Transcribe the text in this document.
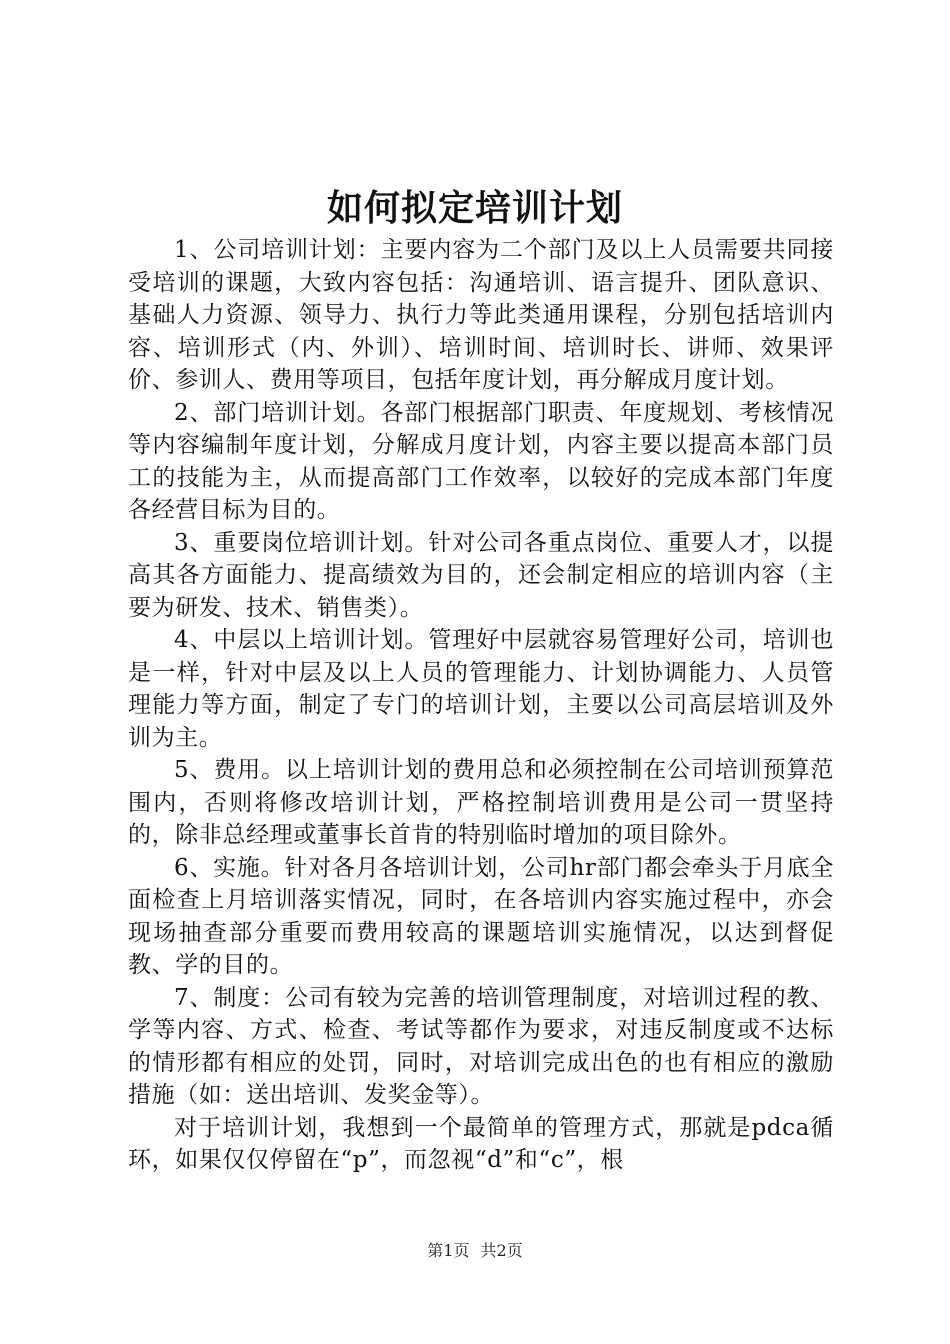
如何拟定培训计划

1、公司培训计划：主要内容为二个部门及以上人员需要共同接受培训的课题，大致内容包括：沟通培训、语言提升、团队意识、基础人力资源、领导力、执行力等此类通用课程，分别包括培训内容、培训形式（内、外训）、培训时间、培训时长、讲师、效果评价、参训人、费用等项目，包括年度计划，再分解成月度计划。

2、部门培训计划。各部门根据部门职责、年度规划、考核情况等内容编制年度计划，分解成月度计划，内容主要以提高本部门员工的技能为主，从而提高部门工作效率，以较好的完成本部门年度各经营目标为目的。

3、重要岗位培训计划。针对公司各重点岗位、重要人才，以提高其各方面能力、提高绩效为目的，还会制定相应的培训内容（主要为研发、技术、销售类）。

4、中层以上培训计划。管理好中层就容易管理好公司，培训也是一样，针对中层及以上人员的管理能力、计划协调能力、人员管理能力等方面，制定了专门的培训计划，主要以公司高层培训及外训为主。

5、费用。以上培训计划的费用总和必须控制在公司培训预算范围内，否则将修改培训计划，严格控制培训费用是公司一贯坚持的，除非总经理或董事长首肯的特别临时增加的项目除外。

6、实施。针对各月各培训计划，公司hr部门都会牵头于月底全面检查上月培训落实情况，同时，在各培训内容实施过程中，亦会现场抽查部分重要而费用较高的课题培训实施情况，以达到督促教、学的目的。

7、制度：公司有较为完善的培训管理制度，对培训过程的教、学等内容、方式、检查、考试等都作为要求，对违反制度或不达标的情形都有相应的处罚，同时，对培训完成出色的也有相应的激励措施（如：送出培训、发奖金等）。

对于培训计划，我想到一个最简单的管理方式，那就是pdca循环，如果仅仅停留在“p”，而忽视“d”和“c”，根

第1页 共2页
